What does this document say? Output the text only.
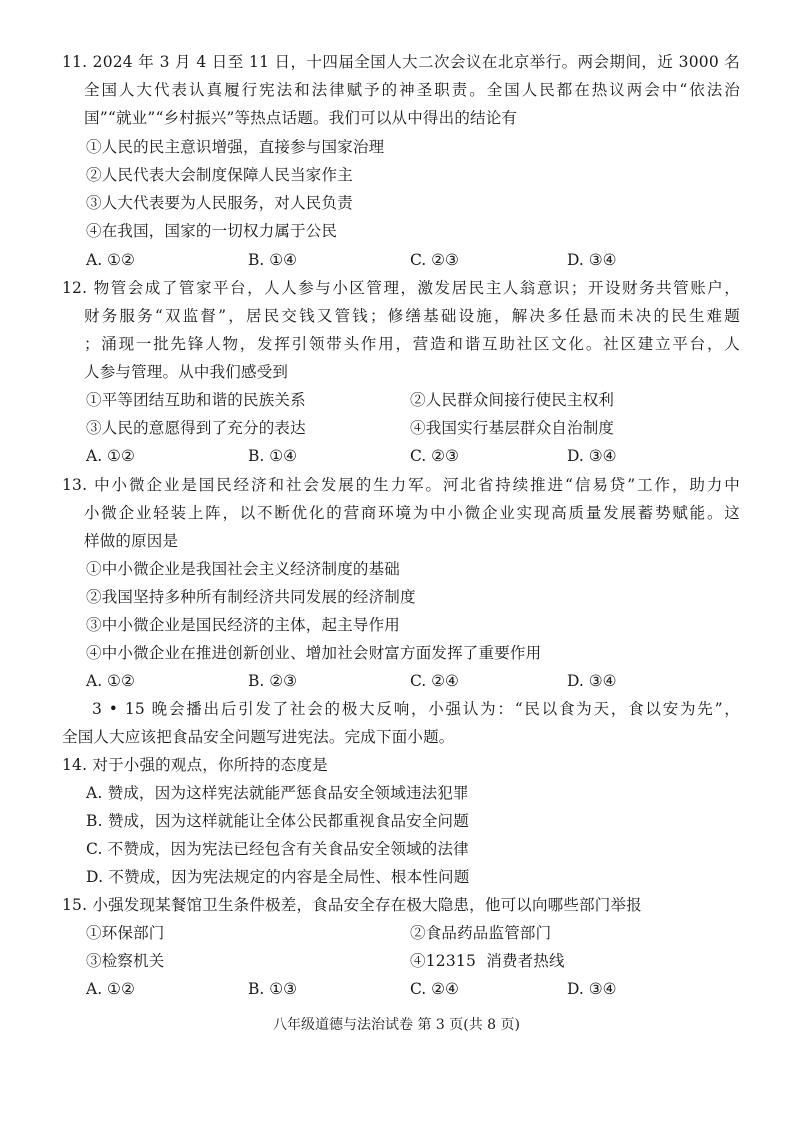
11. 2024 年 3 月 4 日至 11 日，十四届全国人大二次会议在北京举行。两会期间，近 3000 名
全国人大代表认真履行宪法和法律赋予的神圣职责。全国人民都在热议两会中“依法治
国”“就业”“乡村振兴”等热点话题。我们可以从中得出的结论有
①人民的民主意识增强，直接参与国家治理
②人民代表大会制度保障人民当家作主
③人大代表要为人民服务，对人民负责
④在我国，国家的一切权力属于公民
A. ①②	B. ①④	C. ②③	D. ③④
12. 物管会成了管家平台，人人参与小区管理，激发居民主人翁意识；开设财务共管账户，
财务服务“双监督”，居民交钱又管钱；修缮基础设施，解决多任悬而未决的民生难题
；涌现一批先锋人物，发挥引领带头作用，营造和谐互助社区文化。社区建立平台，人
人参与管理。从中我们感受到
①平等团结互助和谐的民族关系	②人民群众间接行使民主权利
③人民的意愿得到了充分的表达	④我国实行基层群众自治制度
A. ①②	B. ①④	C. ②③	D. ③④
13. 中小微企业是国民经济和社会发展的生力军。河北省持续推进“信易贷”工作，助力中
小微企业轻装上阵，以不断优化的营商环境为中小微企业实现高质量发展蓄势赋能。这
样做的原因是
①中小微企业是我国社会主义经济制度的基础
②我国坚持多种所有制经济共同发展的经济制度
③中小微企业是国民经济的主体，起主导作用
④中小微企业在推进创新创业、增加社会财富方面发挥了重要作用
A. ①②	B. ②③	C. ②④	D. ③④
3 • 15 晚会播出后引发了社会的极大反响，小强认为：“民以食为天，食以安为先”，
全国人大应该把食品安全问题写进宪法。完成下面小题。
14. 对于小强的观点，你所持的态度是
A. 赞成，因为这样宪法就能严惩食品安全领域违法犯罪
B. 赞成，因为这样就能让全体公民都重视食品安全问题
C. 不赞成，因为宪法已经包含有关食品安全领域的法律
D. 不赞成，因为宪法规定的内容是全局性、根本性问题
15. 小强发现某餐馆卫生条件极差，食品安全存在极大隐患，他可以向哪些部门举报
①环保部门	②食品药品监管部门
③检察机关	④12315  消费者热线
A. ①②	B. ①③	C. ②④	D. ③④
八年级道德与法治试卷 第 3 页(共 8 页)
